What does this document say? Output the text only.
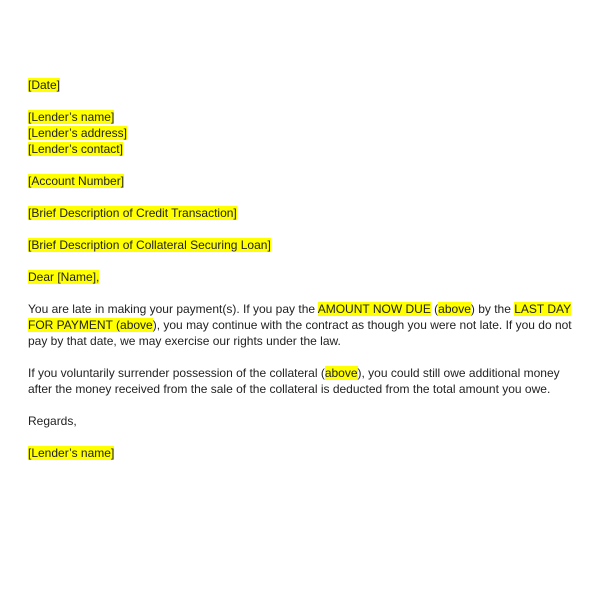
[Date]
[Lender’s name]
[Lender’s address]
[Lender’s contact]
[Account Number]
[Brief Description of Credit Transaction]
[Brief Description of Collateral Securing Loan]
Dear [Name],
You are late in making your payment(s). If you pay the AMOUNT NOW DUE (above) by the LAST DAY FOR PAYMENT (above), you may continue with the contract as though you were not late. If you do not pay by that date, we may exercise our rights under the law.
If you voluntarily surrender possession of the collateral (above), you could still owe additional money after the money received from the sale of the collateral is deducted from the total amount you owe.
Regards,
[Lender’s name]
